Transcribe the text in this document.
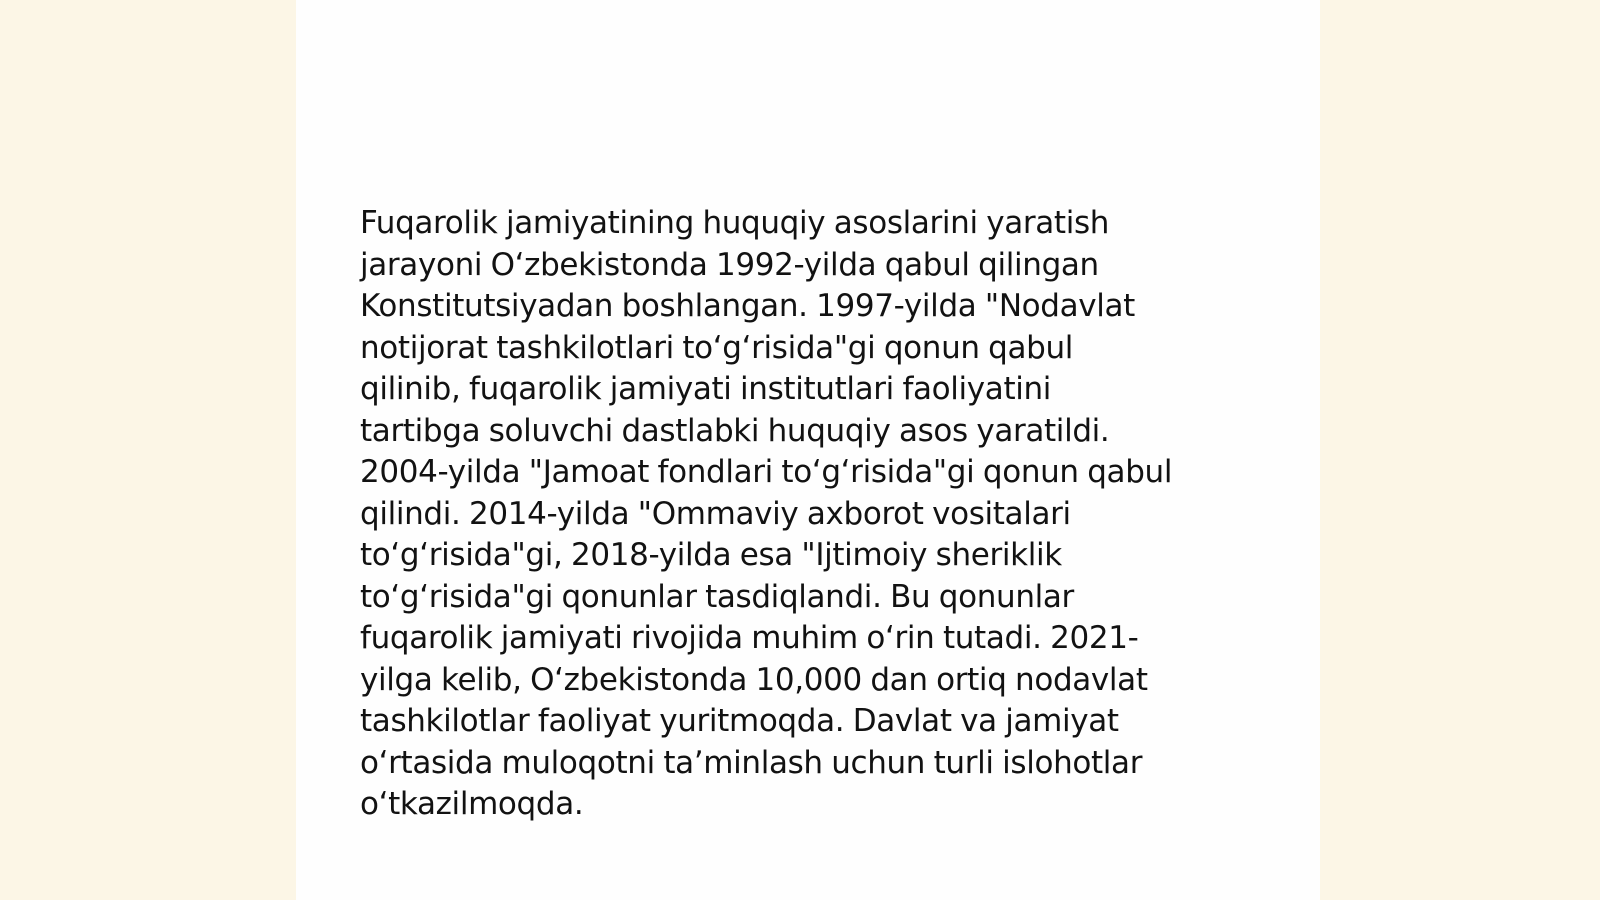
Fuqarolik jamiyatining huquqiy asoslarini yaratish
jarayoni O‘zbekistonda 1992-yilda qabul qilingan
Konstitutsiyadan boshlangan. 1997-yilda "Nodavlat
notijorat tashkilotlari to‘g‘risida"gi qonun qabul
qilinib, fuqarolik jamiyati institutlari faoliyatini
tartibga soluvchi dastlabki huquqiy asos yaratildi.
2004-yilda "Jamoat fondlari to‘g‘risida"gi qonun qabul
qilindi. 2014-yilda "Ommaviy axborot vositalari
to‘g‘risida"gi, 2018-yilda esa "Ijtimoiy sheriklik
to‘g‘risida"gi qonunlar tasdiqlandi. Bu qonunlar
fuqarolik jamiyati rivojida muhim o‘rin tutadi. 2021-
yilga kelib, O‘zbekistonda 10,000 dan ortiq nodavlat
tashkilotlar faoliyat yuritmoqda. Davlat va jamiyat
o‘rtasida muloqotni ta’minlash uchun turli islohotlar
o‘tkazilmoqda.
